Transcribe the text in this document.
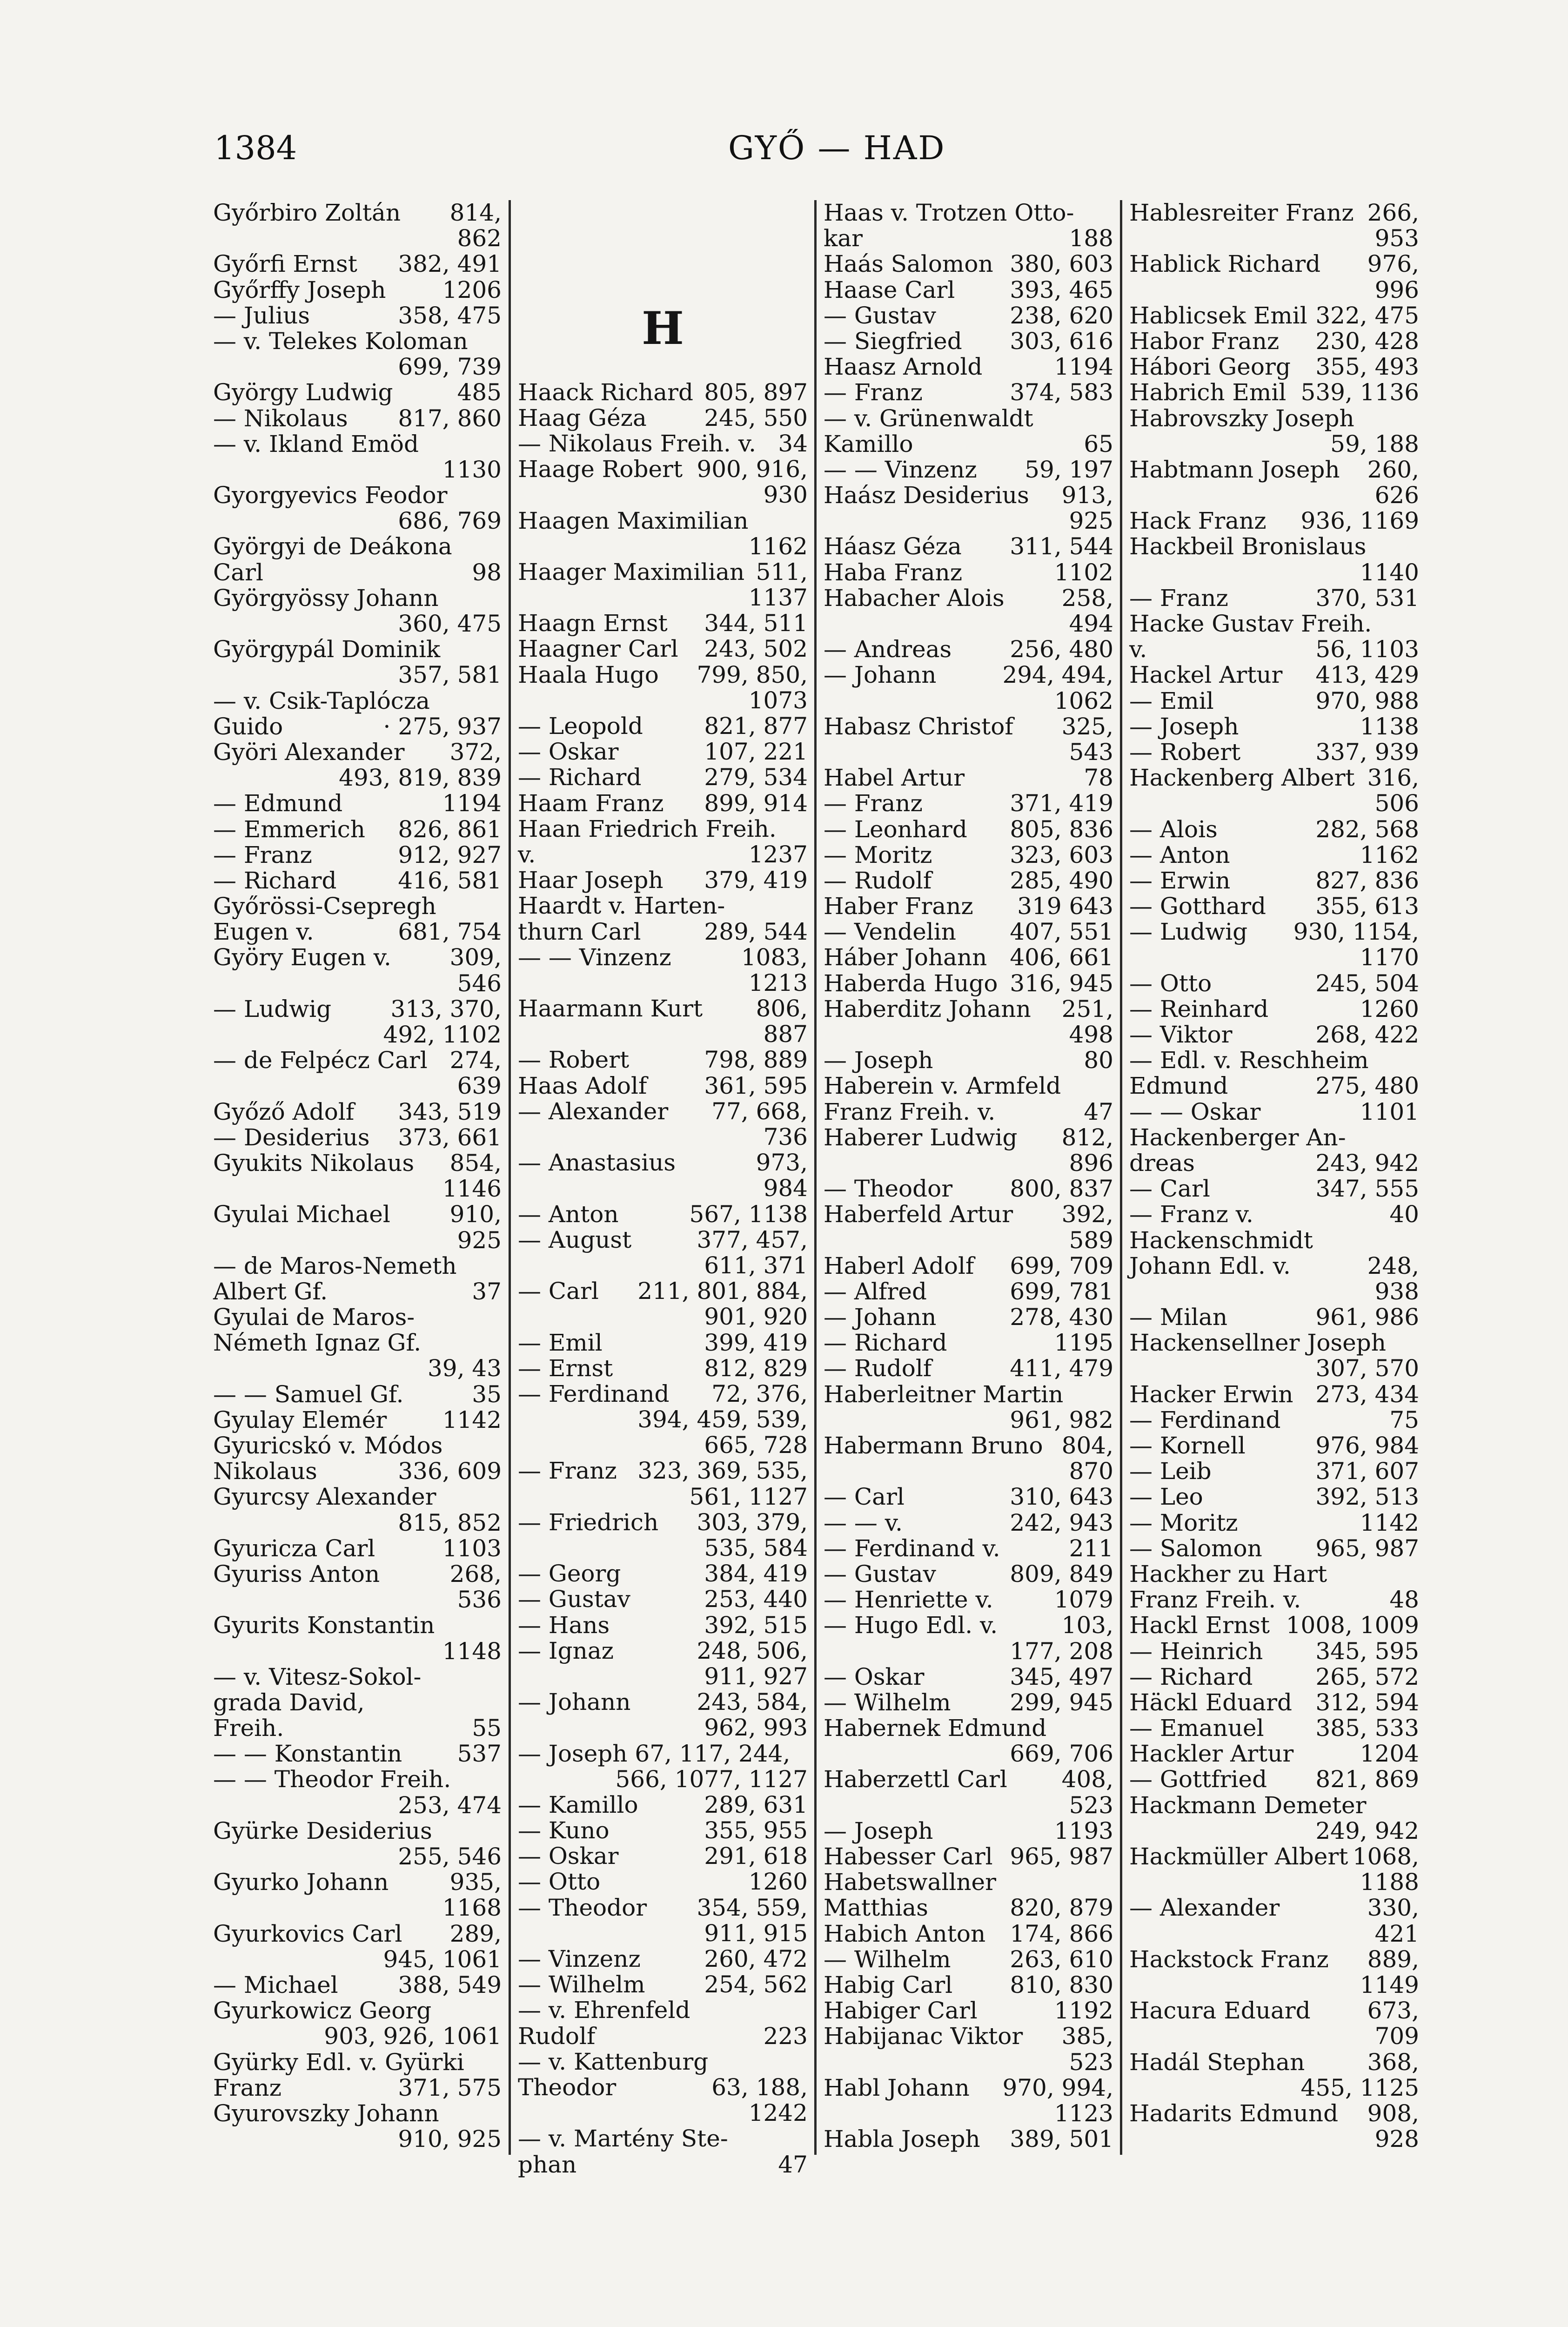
1384	GYŐ — HAD
Győrbiro Zoltán 814,
862
Győrfi Ernst 382, 491
Győrffy Joseph 1206
— Julius	358, 475
— v. Telekes Koloman
699, 739
György Ludwig	485
— Nikolaus 817, 860
— v. Ikland Emöd
1130
Gyorgyevics Feodor
686, 769
Györgyi de Deákona
Carl	98
Györgyössy Johann
360, 475
Györgypál Dominik
357, 581
— v. Csik-Taplócza
Guido	· 275, 937
Györi Alexander 372,
493, 819, 839
— Edmund	1194
— Emmerich 826, 861
— Franz	912, 927
— Richard	416, 581
Győrössi-Csepregh
Eugen v.	681, 754
Györy Eugen v.	309,
546
— Ludwig	313, 370,
492, 1102
— de Felpécz Carl 274,
639
Győző Adolf 343, 519
— Desiderius 373, 661
Gyukits Nikolaus 854,
1146
Gyulai Michael	910,
925
— de Maros-Nemeth
Albert Gf.	37
Gyulai de Maros-
Németh Ignaz Gf.
39, 43
— — Samuel Gf.	35
Gyulay Elemér 1142
Gyuricskó v. Módos
Nikolaus	336, 609
Gyurcsy Alexander
815, 852
Gyuricza Carl	1103
Gyuriss Anton	268,
536
Gyurits Konstantin
1148
— v. Vitesz-Sokol-
grada David,
Freih.	55
— — Konstantin 537
— — Theodor Freih.
253, 474
Gyürke Desiderius
255, 546
Gyurko Johann	935,
1168
Gyurkovics Carl 289,
945, 1061
— Michael	388, 549
Gyurkowicz Georg
903, 926, 1061
Gyürky Edl. v. Gyürki
Franz	371, 575
Gyurovszky Johann
910, 925
H
Haack Richard 805, 897
Haag Géza 245, 550
— Nikolaus Freih. v. 34
Haage Robert 900, 916,
930
Haagen Maximilian
1162
Haager Maximilian 511,
1137
Haagn Ernst 344, 511
Haagner Carl 243, 502
Haala Hugo 799, 850,
1073
— Leopold	821, 877
— Oskar	107, 221
— Richard	279, 534
Haam Franz 899, 914
Haan Friedrich Freih.
v.	1237
Haar Joseph 379, 419
Haardt v. Harten-
thurn Carl	289, 544
— — Vinzenz	1083,
1213
Haarmann Kurt 806,
887
— Robert	798, 889
Haas Adolf 361, 595
— Alexander 77, 668,
736
— Anastasius	973,
984
— Anton	567, 1138
— August	377, 457,
611, 371
— Carl 211, 801, 884,
901, 920
— Emil	399, 419
— Ernst	812, 829
— Ferdinand 72, 376,
394, 459, 539,
665, 728
— Franz 323, 369, 535,
561, 1127
— Friedrich 303, 379,
535, 584
— Georg	384, 419
— Gustav	253, 440
— Hans	392, 515
— Ignaz	248, 506,
911, 927
— Johann	243, 584,
962, 993
— Joseph 67, 117, 244,
566, 1077, 1127
— Kamillo	289, 631
— Kuno	355, 955
— Oskar	291, 618
— Otto	1260
— Theodor 354, 559,
911, 915
— Vinzenz	260, 472
— Wilhelm	254, 562
— v. Ehrenfeld
Rudolf	223
— v. Kattenburg
Theodor	63, 188,
1242
— v. Martény Ste-
phan	47
Haas v. Trotzen Otto-
kar	188
Haás Salomon 380, 603
Haase Carl 393, 465
— Gustav	238, 620
— Siegfried 303, 616
Haasz Arnold	1194
— Franz	374, 583
— v. Grünenwaldt
Kamillo	65
— — Vinzenz 59, 197
Haász Desiderius 913,
925
Háasz Géza 311, 544
Haba Franz	1102
Habacher Alois 258,
494
— Andreas	256, 480
— Johann	294, 494,
1062
Habasz Christof 325,
543
Habel Artur	78
— Franz	371, 419
— Leonhard 805, 836
— Moritz	323, 603
— Rudolf	285, 490
Haber Franz 319 643
— Vendelin 407, 551
Háber Johann 406, 661
Haberda Hugo 316, 945
Haberditz Johann 251,
498
— Joseph	80
Haberein v. Armfeld
Franz Freih. v.	47
Haberer Ludwig 812,
896
— Theodor 800, 837
Haberfeld Artur 392,
589
Haberl Adolf 699, 709
— Alfred	699, 781
— Johann	278, 430
— Richard	1195
— Rudolf	411, 479
Haberleitner Martin
961, 982
Habermann Bruno 804,
870
— Carl	310, 643
— — v.	242, 943
— Ferdinand v.	211
— Gustav	809, 849
— Henriette v.	1079
— Hugo Edl. v.	103,
177, 208
— Oskar	345, 497
— Wilhelm	299, 945
Habernek Edmund
669, 706
Haberzettl Carl 408,
523
— Joseph	1193
Habesser Carl 965, 987
Habetswallner
Matthias	820, 879
Habich Anton 174, 866
— Wilhelm	263, 610
Habig Carl 810, 830
Habiger Carl	1192
Habijanac Viktor 385,
523
Habl Johann 970, 994,
1123
Habla Joseph 389, 501
Hablesreiter Franz 266,
953
Hablick Richard 976,
996
Hablicsek Emil 322, 475
Habor Franz 230, 428
Hábori Georg 355, 493
Habrich Emil 539, 1136
Habrovszky Joseph
59, 188
Habtmann Joseph 260,
626
Hack Franz 936, 1169
Hackbeil Bronislaus
1140
— Franz	370, 531
Hacke Gustav Freih.
v.	56, 1103
Hackel Artur 413, 429
— Emil	970, 988
— Joseph	1138
— Robert	337, 939
Hackenberg Albert 316,
506
— Alois	282, 568
— Anton	1162
— Erwin	827, 836
— Gotthard 355, 613
— Ludwig 930, 1154,
1170
— Otto	245, 504
— Reinhard	1260
— Viktor	268, 422
— Edl. v. Reschheim
Edmund	275, 480
— — Oskar	1101
Hackenberger An-
dreas	243, 942
— Carl	347, 555
— Franz v.	40
Hackenschmidt
Johann Edl. v.	248,
938
— Milan	961, 986
Hackensellner Joseph
307, 570
Hacker Erwin 273, 434
— Ferdinand	75
— Kornell	976, 984
— Leib	371, 607
— Leo	392, 513
— Moritz	1142
— Salomon 965, 987
Hackher zu Hart
Franz Freih. v.	48
Hackl Ernst 1008, 1009
— Heinrich 345, 595
— Richard	265, 572
Häckl Eduard 312, 594
— Emanuel 385, 533
Hackler Artur	1204
— Gottfried 821, 869
Hackmann Demeter
249, 942
Hackmüller Albert 1068,
1188
— Alexander	330,
421
Hackstock Franz 889,
1149
Hacura Eduard 673,
709
Hadál Stephan	368,
455, 1125
Hadarits Edmund 908,
928
